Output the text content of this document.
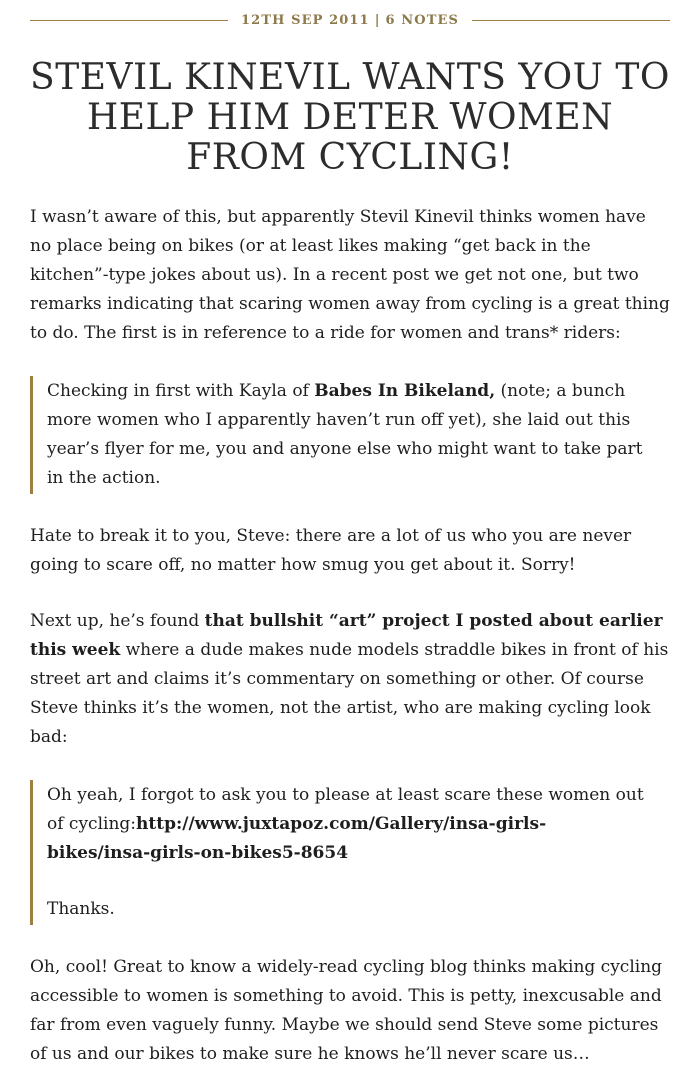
12TH SEP 2011 | 6 NOTES
STEVIL KINEVIL WANTS YOU TO HELP HIM DETER WOMEN FROM CYCLING!

I wasn’t aware of this, but apparently Stevil Kinevil thinks women have no place being on bikes (or at least likes making “get back in the kitchen”-type jokes about us). In a recent post we get not one, but two remarks indicating that scaring women away from cycling is a great thing to do. The first is in reference to a ride for women and trans* riders:

Checking in first with Kayla of Babes In Bikeland, (note; a bunch more women who I apparently haven’t run off yet), she laid out this year’s flyer for me, you and anyone else who might want to take part in the action.

Hate to break it to you, Steve: there are a lot of us who you are never going to scare off, no matter how smug you get about it. Sorry!

Next up, he’s found that bullshit “art” project I posted about earlier this week where a dude makes nude models straddle bikes in front of his street art and claims it’s commentary on something or other. Of course Steve thinks it’s the women, not the artist, who are making cycling look bad:

Oh yeah, I forgot to ask you to please at least scare these women out of cycling:http://www.juxtapoz.com/Gallery/insa-girls-bikes/insa-girls-on-bikes5-8654

Thanks.

Oh, cool! Great to know a widely-read cycling blog thinks making cycling accessible to women is something to avoid. This is petty, inexcusable and far from even vaguely funny. Maybe we should send Steve some pictures of us and our bikes to make sure he knows he’ll never scare us…
